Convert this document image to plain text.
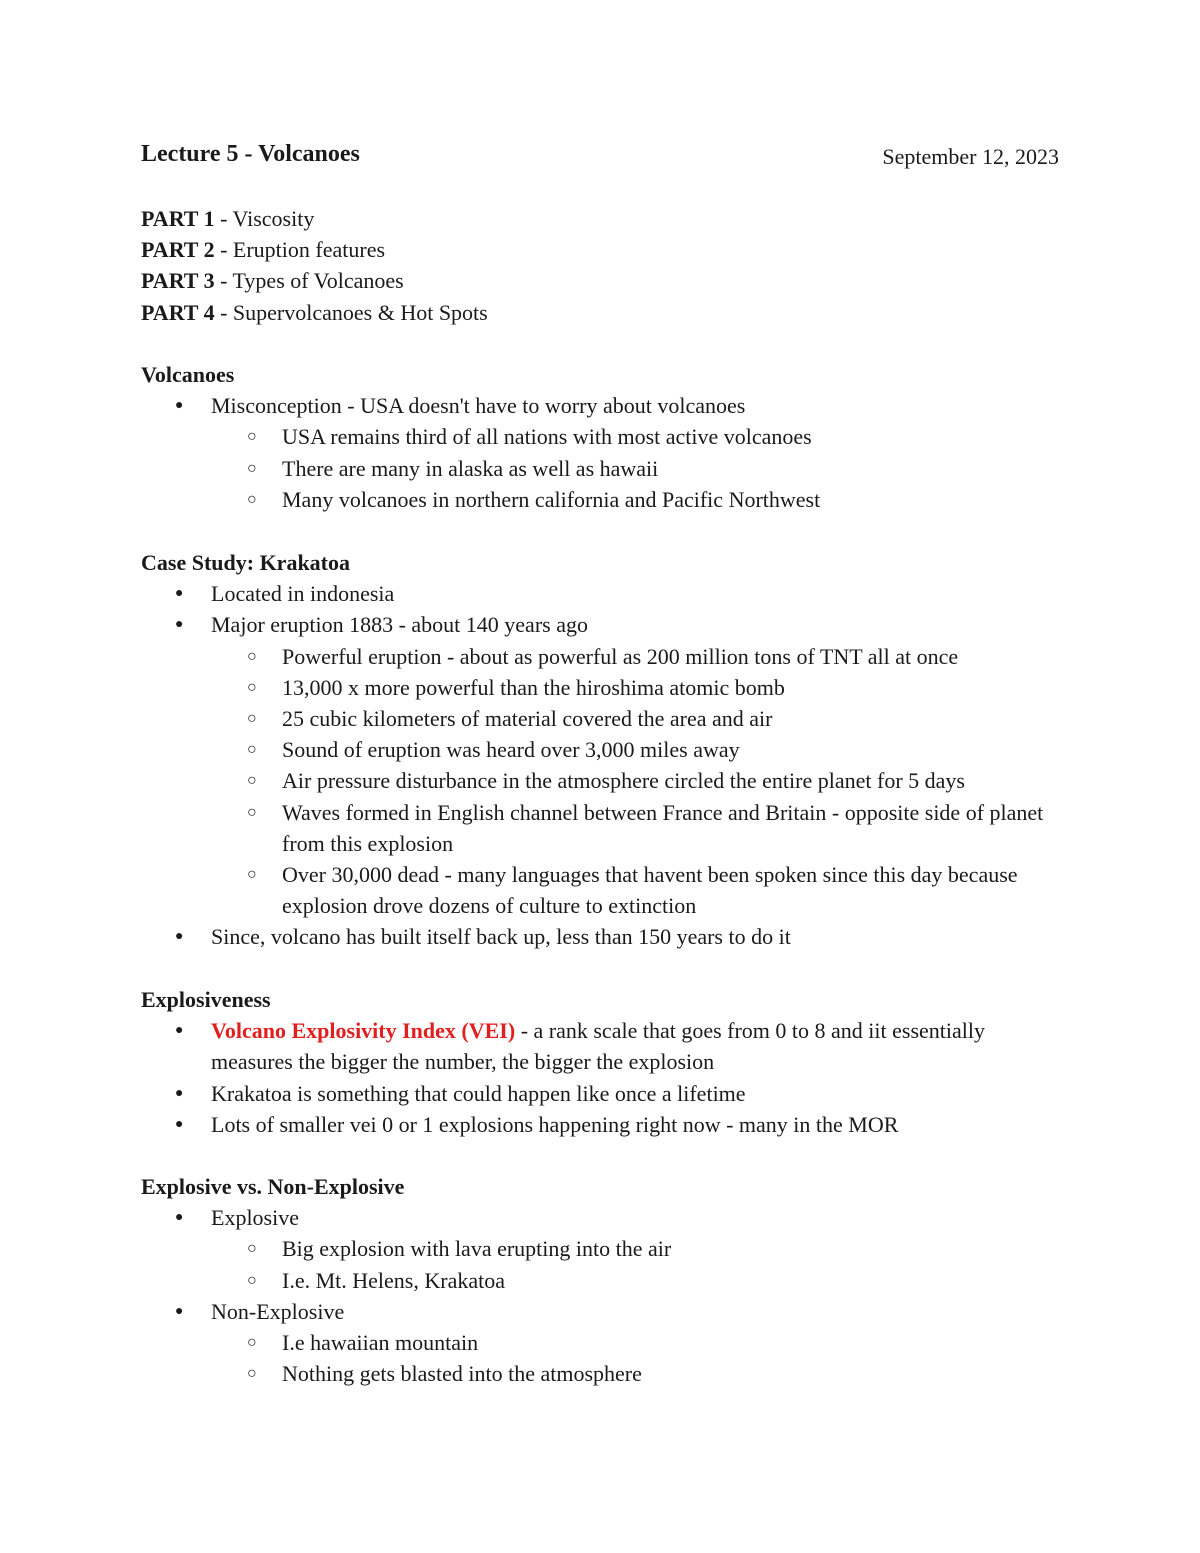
Lecture 5 - Volcanoes	September 12, 2023
PART 1 - Viscosity
PART 2 - Eruption features
PART 3 - Types of Volcanoes
PART 4 - Supervolcanoes & Hot Spots
Volcanoes
● Misconception - USA doesn't have to worry about volcanoes
○ USA remains third of all nations with most active volcanoes
○ There are many in alaska as well as hawaii
○ Many volcanoes in northern california and Pacific Northwest
Case Study: Krakatoa
● Located in indonesia
● Major eruption 1883 - about 140 years ago
○ Powerful eruption - about as powerful as 200 million tons of TNT all at once
○ 13,000 x more powerful than the hiroshima atomic bomb
○ 25 cubic kilometers of material covered the area and air
○ Sound of eruption was heard over 3,000 miles away
○ Air pressure disturbance in the atmosphere circled the entire planet for 5 days
○ Waves formed in English channel between France and Britain - opposite side of planet from this explosion
○ Over 30,000 dead - many languages that havent been spoken since this day because explosion drove dozens of culture to extinction
● Since, volcano has built itself back up, less than 150 years to do it
Explosiveness
● Volcano Explosivity Index (VEI) - a rank scale that goes from 0 to 8 and iit essentially measures the bigger the number, the bigger the explosion
● Krakatoa is something that could happen like once a lifetime
● Lots of smaller vei 0 or 1 explosions happening right now - many in the MOR
Explosive vs. Non-Explosive
● Explosive
○ Big explosion with lava erupting into the air
○ I.e. Mt. Helens, Krakatoa
● Non-Explosive
○ I.e hawaiian mountain
○ Nothing gets blasted into the atmosphere
